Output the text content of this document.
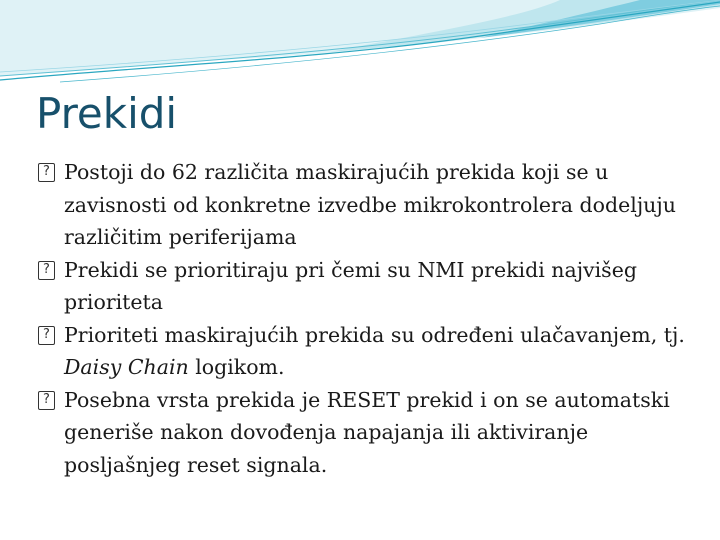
Prekidi
? Postoji do 62 različita maskirajućih prekida koji se u zavisnosti od konkretne izvedbe mikrokontrolera dodeljuju različitim periferijama
? Prekidi se prioritiraju pri čemi su NMI prekidi najvišeg prioriteta
? Prioriteti maskirajućih prekida su određeni ulačavanjem, tj. Daisy Chain logikom.
? Posebna vrsta prekida je RESET prekid i on se automatski generiše nakon dovođenja napajanja ili aktiviranje posljašnjeg reset signala.
